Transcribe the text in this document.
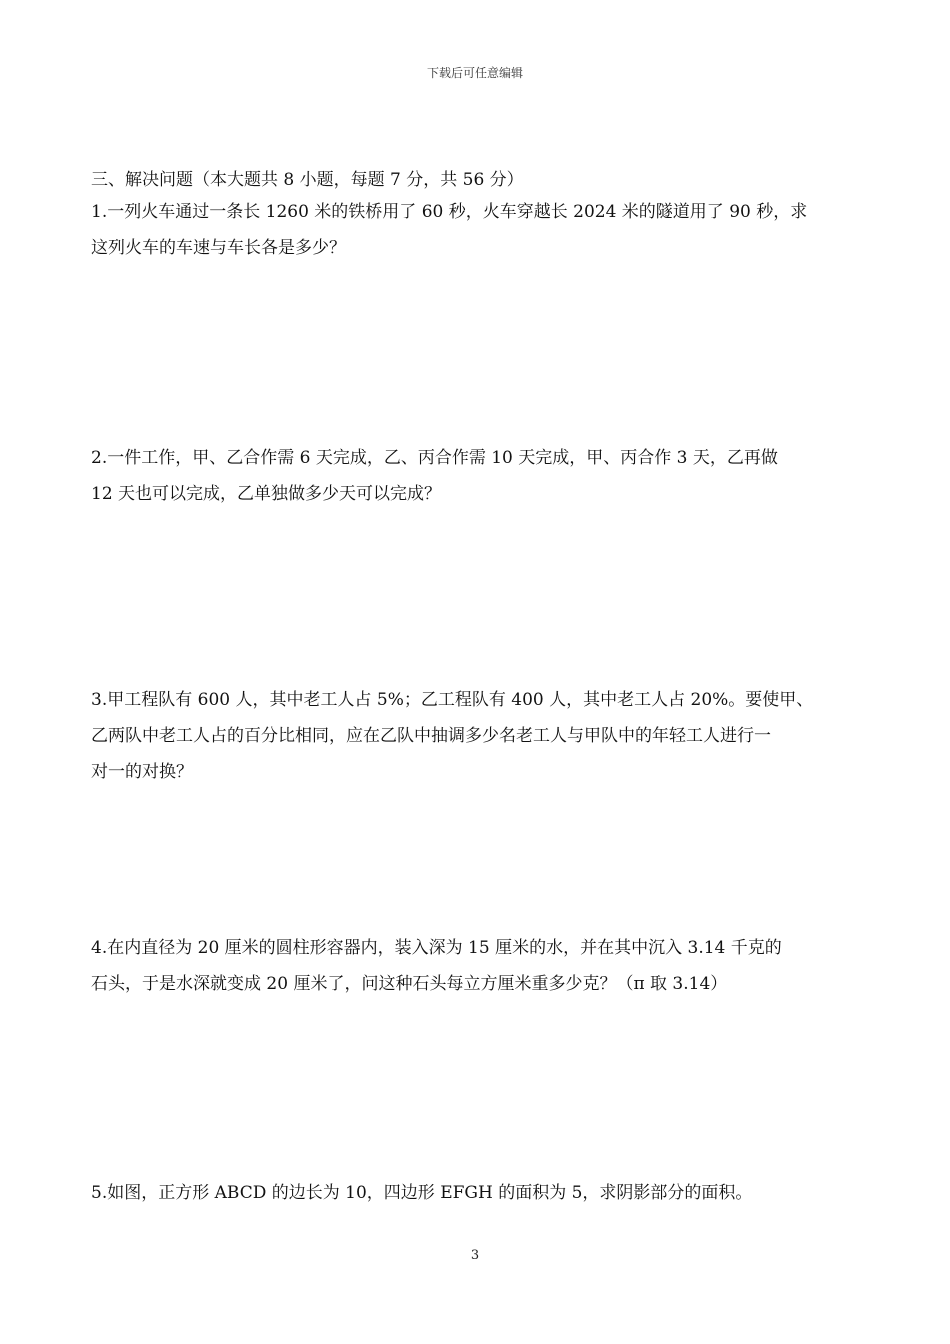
下载后可任意编辑
三、解决问题（本大题共 8 小题，每题 7 分，共 56 分）
1.一列火车通过一条长 1260 米的铁桥用了 60 秒，火车穿越长 2024 米的隧道用了 90 秒，求
这列火车的车速与车长各是多少？
2.一件工作，甲、乙合作需 6 天完成，乙、丙合作需 10 天完成，甲、丙合作 3 天，乙再做
12 天也可以完成，乙单独做多少天可以完成？
3.甲工程队有 600 人，其中老工人占 5%；乙工程队有 400 人，其中老工人占 20%。要使甲、
乙两队中老工人占的百分比相同，应在乙队中抽调多少名老工人与甲队中的年轻工人进行一
对一的对换？
4.在内直径为 20 厘米的圆柱形容器内，装入深为 15 厘米的水，并在其中沉入 3.14 千克的
石头，于是水深就变成 20 厘米了，问这种石头每立方厘米重多少克？（π 取 3.14）
5.如图，正方形 ABCD 的边长为 10，四边形 EFGH 的面积为 5，求阴影部分的面积。
3
